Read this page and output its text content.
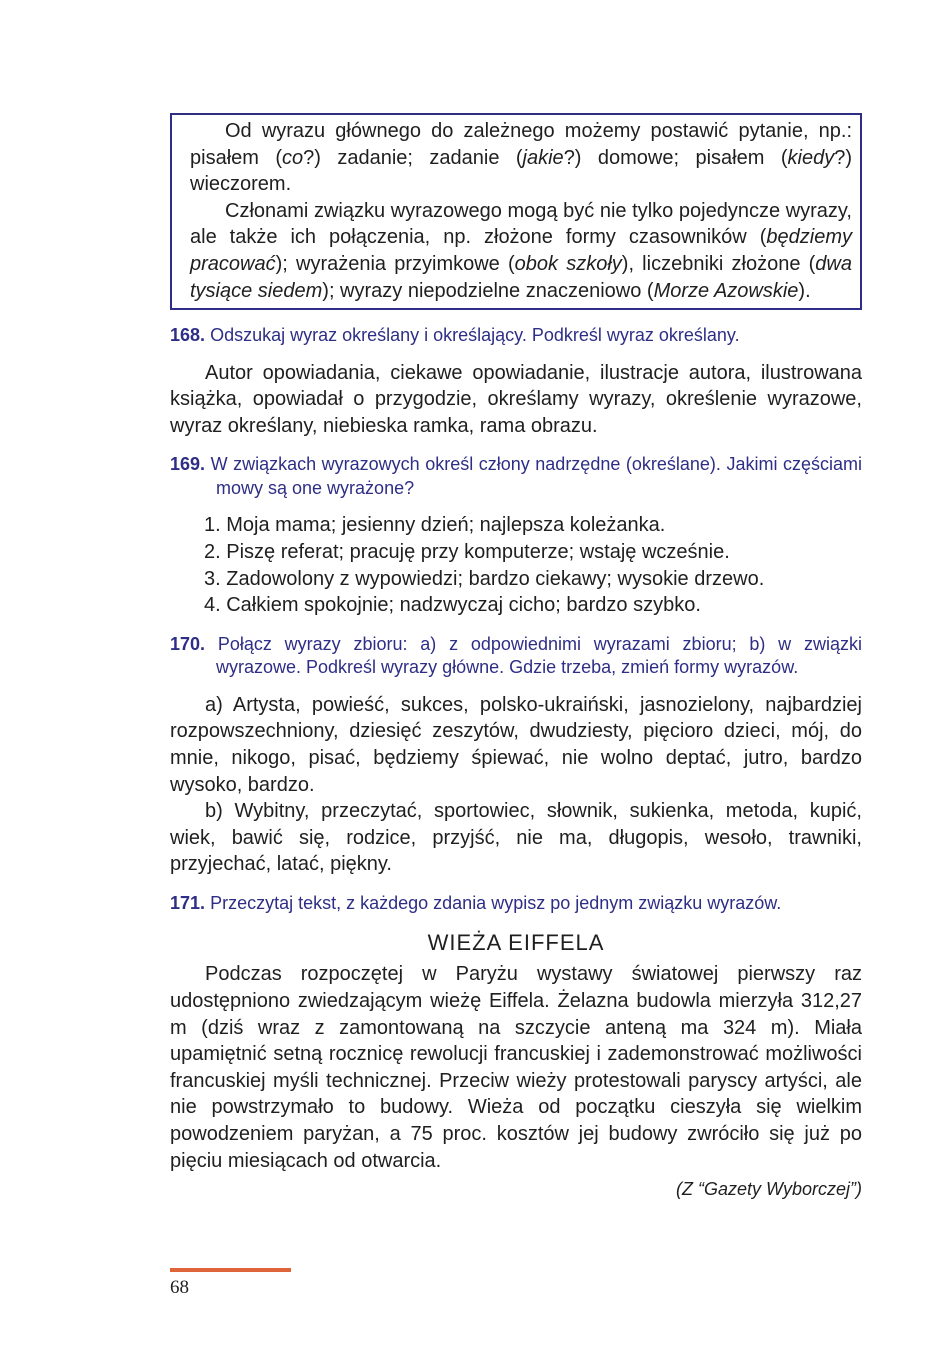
Od wyrazu głównego do zależnego możemy postawić pytanie, np.: pisałem (co?) zadanie; zadanie (jakie?) domowe; pisałem (kiedy?) wieczorem.

Członami związku wyrazowego mogą być nie tylko pojedyncze wyrazy, ale także ich połączenia, np. złożone formy czasowników (będziemy pracować); wyrażenia przyimkowe (obok szkoły), liczebniki złożone (dwa tysiące siedem); wyrazy niepodzielne znaczeniowo (Morze Azowskie).

168. Odszukaj wyraz określany i określający. Podkreśl wyraz określany.

Autor opowiadania, ciekawe opowiadanie, ilustracje autora, ilustrowana książka, opowiadał o przygodzie, określamy wyrazy, określenie wyrazowe, wyraz określany, niebieska ramka, rama obrazu.

169. W związkach wyrazowych określ człony nadrzędne (określane). Jakimi częściami mowy są one wyrażone?
1. Moja mama; jesienny dzień; najlepsza koleżanka.
2. Piszę referat; pracuję przy komputerze; wstaję wcześnie.
3. Zadowolony z wypowiedzi; bardzo ciekawy; wysokie drzewo.
4. Całkiem spokojnie; nadzwyczaj cicho; bardzo szybko.
170. Połącz wyrazy zbioru: a) z odpowiednimi wyrazami zbioru; b) w związki wyrazowe. Podkreśl wyrazy główne. Gdzie trzeba, zmień formy wyrazów.

a) Artysta, powieść, sukces, polsko-ukraiński, jasnozielony, najbardziej rozpowszechniony, dziesięć zeszytów, dwudziesty, pięcioro dzieci, mój, do mnie, nikogo, pisać, będziemy śpiewać, nie wolno deptać, jutro, bardzo wysoko, bardzo.

b) Wybitny, przeczytać, sportowiec, słownik, sukienka, metoda, kupić, wiek, bawić się, rodzice, przyjść, nie ma, długopis, wesoło, trawniki, przyjechać, latać, piękny.

171. Przeczytaj tekst, z każdego zdania wypisz po jednym związku wyrazów.
WIEŻA EIFFELA

Podczas rozpoczętej w Paryżu wystawy światowej pierwszy raz udostępniono zwiedzającym wieżę Eiffela. Żelazna budowla mierzyła 312,27 m (dziś wraz z zamontowaną na szczycie anteną ma 324 m). Miała upamiętnić setną rocznicę rewolucji francuskiej i zademonstrować możliwości francuskiej myśli technicznej. Przeciw wieży protestowali paryscy artyści, ale nie powstrzymało to budowy. Wieża od początku cieszyła się wielkim powodzeniem paryżan, a 75 proc. kosztów jej budowy zwróciło się już po pięciu miesiącach od otwarcia.

(Z “Gazety Wyborczej”)
68
